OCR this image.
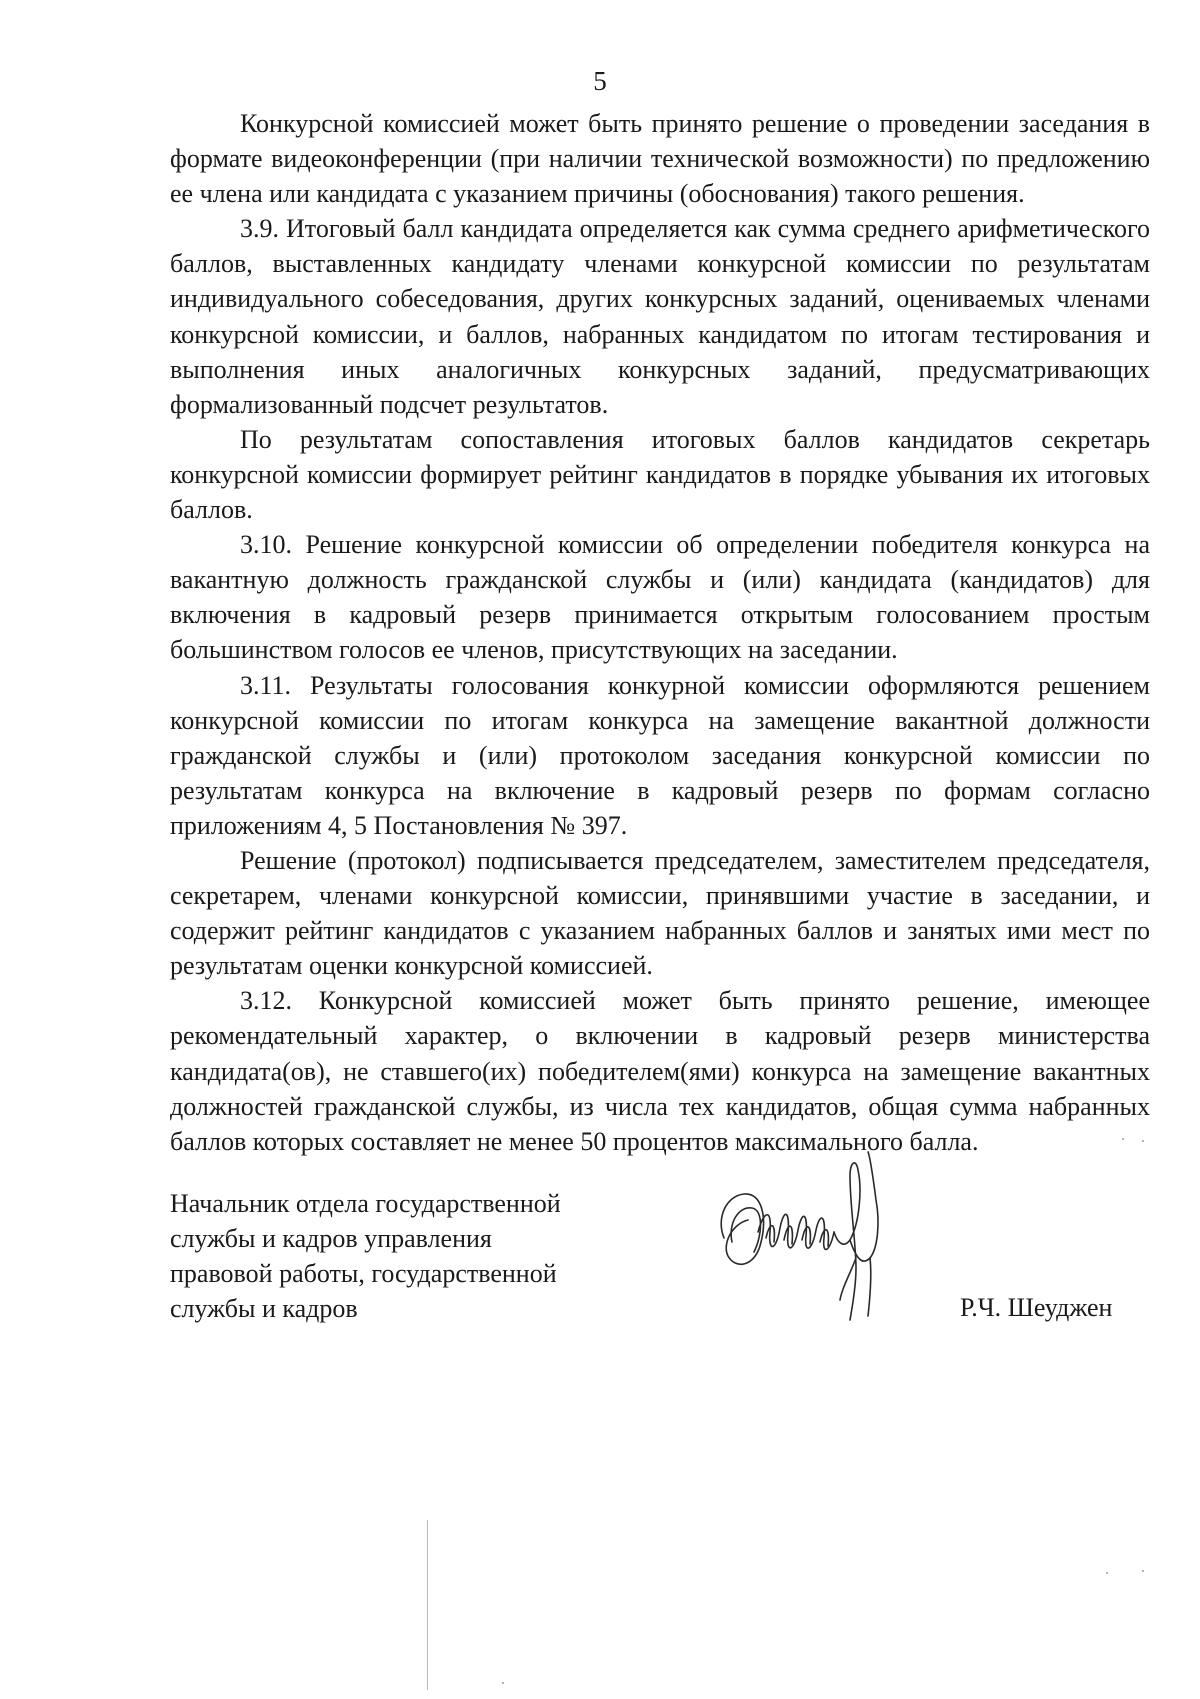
5

Конкурсной комиссией может быть принято решение о проведении заседания в формате видеоконференции (при наличии технической возможности) по предложению ее члена или кандидата с указанием причины (обоснования) такого решения.

3.9. Итоговый балл кандидата определяется как сумма среднего арифметического баллов, выставленных кандидату членами конкурсной комиссии по результатам индивидуального собеседования, других конкурсных заданий, оцениваемых членами конкурсной комиссии, и баллов, набранных кандидатом по итогам тестирования и выполнения иных аналогичных конкурсных заданий, предусматривающих формализованный подсчет результатов.

По результатам сопоставления итоговых баллов кандидатов секретарь конкурсной комиссии формирует рейтинг кандидатов в порядке убывания их итоговых баллов.

3.10. Решение конкурсной комиссии об определении победителя конкурса на вакантную должность гражданской службы и (или) кандидата (кандидатов) для включения в кадровый резерв принимается открытым голосованием простым большинством голосов ее членов, присутствующих на заседании.

3.11. Результаты голосования конкурной комиссии оформляются решением конкурсной комиссии по итогам конкурса на замещение вакантной должности гражданской службы и (или) протоколом заседания конкурсной комиссии по результатам конкурса на включение в кадровый резерв по формам согласно приложениям 4, 5 Постановления № 397.

Решение (протокол) подписывается председателем, заместителем председателя, секретарем, членами конкурсной комиссии, принявшими участие в заседании, и содержит рейтинг кандидатов с указанием набранных баллов и занятых ими мест по результатам оценки конкурсной комиссией.

3.12. Конкурсной комиссией может быть принято решение, имеющее рекомендательный характер, о включении в кадровый резерв министерства кандидата(ов), не ставшего(их) победителем(ями) конкурса на замещение вакантных должностей гражданской службы, из числа тех кандидатов, общая сумма набранных баллов которых составляет не менее 50 процентов максимального балла.

Начальник отдела государственной
службы и кадров управления
правовой работы, государственной
службы и кадров	Р.Ч. Шеуджен
